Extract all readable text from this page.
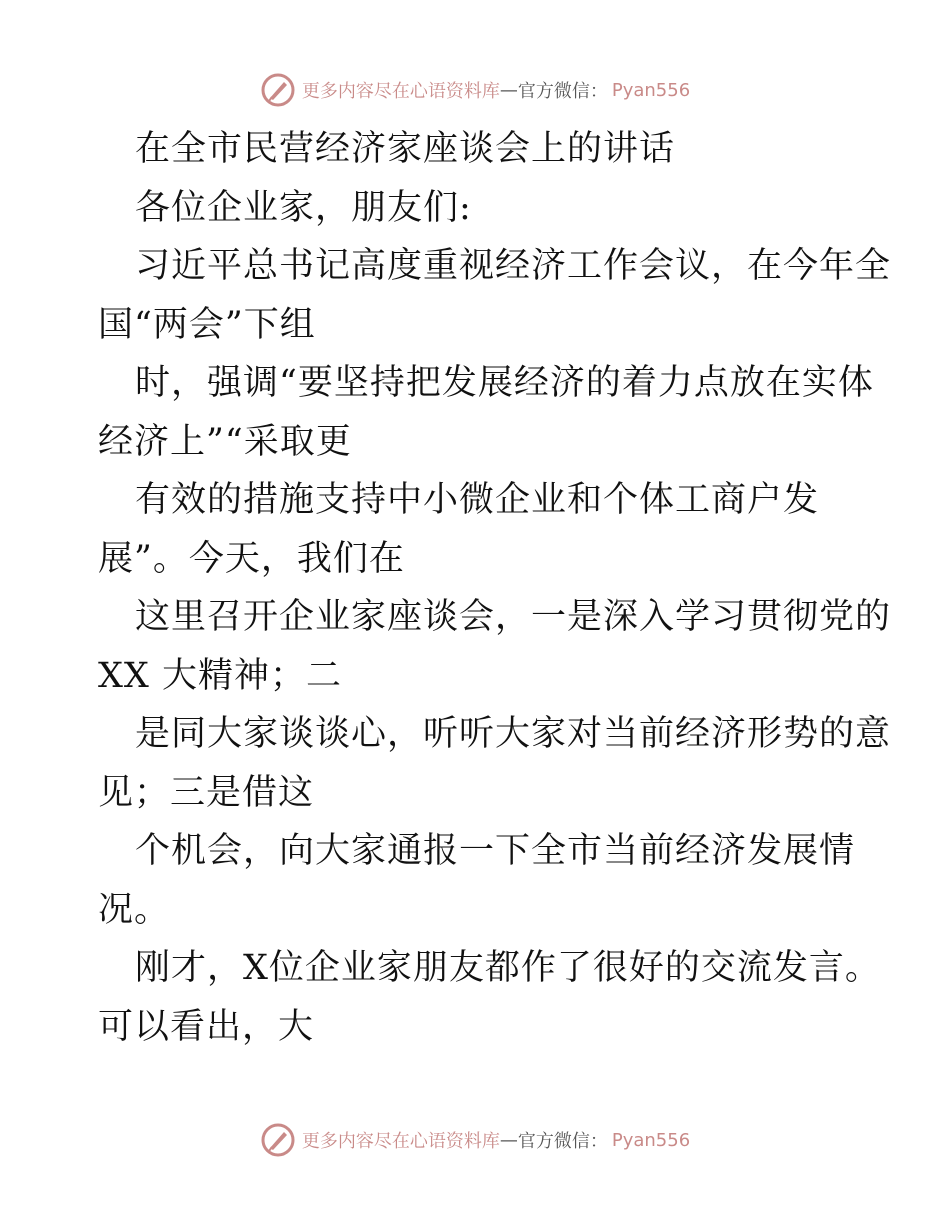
更多内容尽在心语资料库 — 官方微信： Pyan556
在全市民营经济家座谈会上的讲话
各位企业家，朋友们:
习近平总书记高度重视经济工作会议，在今年全
国“两会”下组
时，强调“要坚持把发展经济的着力点放在实体
经济上”“采取更
有效的措施支持中小微企业和个体工商户发
展”。今天，我们在
这里召开企业家座谈会，一是深入学习贯彻党的
XX 大精神；二
是同大家谈谈心，听听大家对当前经济形势的意
见；三是借这
个机会，向大家通报一下全市当前经济发展情
况。
刚才，X位企业家朋友都作了很好的交流发言。
可以看出，大
更多内容尽在心语资料库 — 官方微信： Pyan556
